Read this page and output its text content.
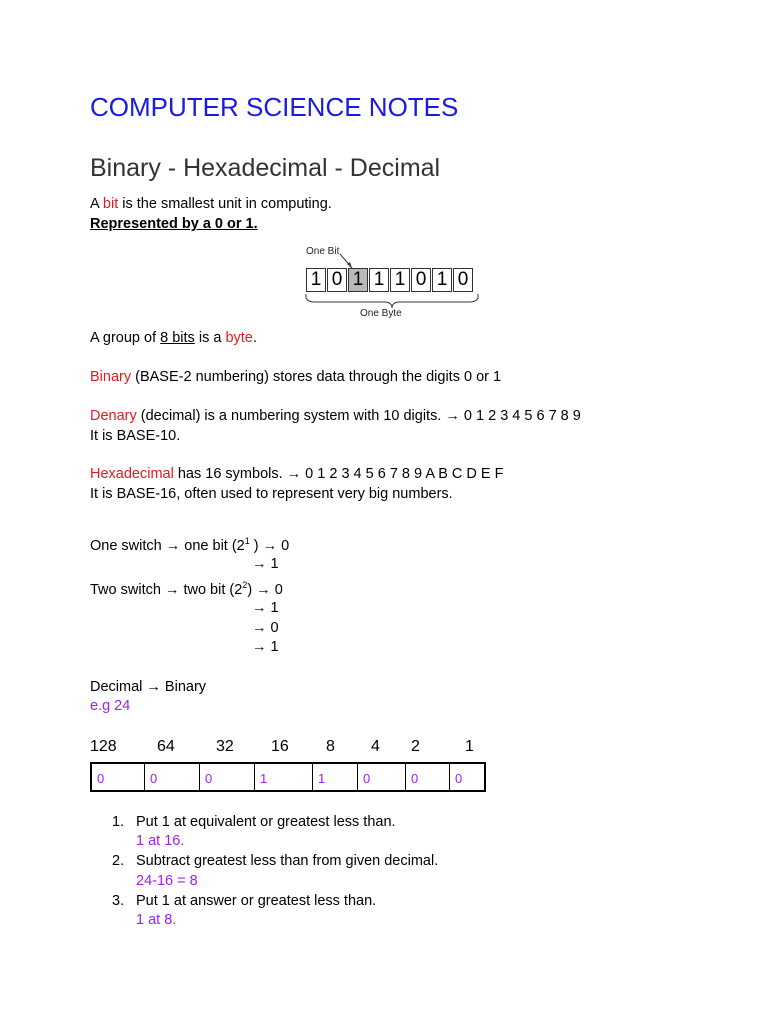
COMPUTER SCIENCE NOTES
Binary - Hexadecimal - Decimal
A bit is the smallest unit in computing.
Represented by a 0 or 1.
One Bit
1 0 1 1 1 0 1 0
One Byte
A group of 8 bits is a byte.
Binary (BASE-2 numbering) stores data through the digits 0 or 1
Denary (decimal) is a numbering system with 10 digits. → 0 1 2 3 4 5 6 7 8 9
It is BASE-10.
Hexadecimal has 16 symbols. → 0 1 2 3 4 5 6 7 8 9 A B C D E F
It is BASE-16, often used to represent very big numbers.
One switch → one bit ($2^1$ ) → 0
→ 1
Two switch → two bit $(2^2) \to 0$
→ 1
→ 0
→ 1
Decimal → Binary
e.g 24
128	64	32 16 8 4 2	1
0	0	0	1	1	0	0	0
1. Put 1 at equivalent or greatest less than.
1 at 16.
2. Subtract greatest less than from given decimal.
24-16 = 8
3. Put 1 at answer or greatest less than.
1 at 8.
